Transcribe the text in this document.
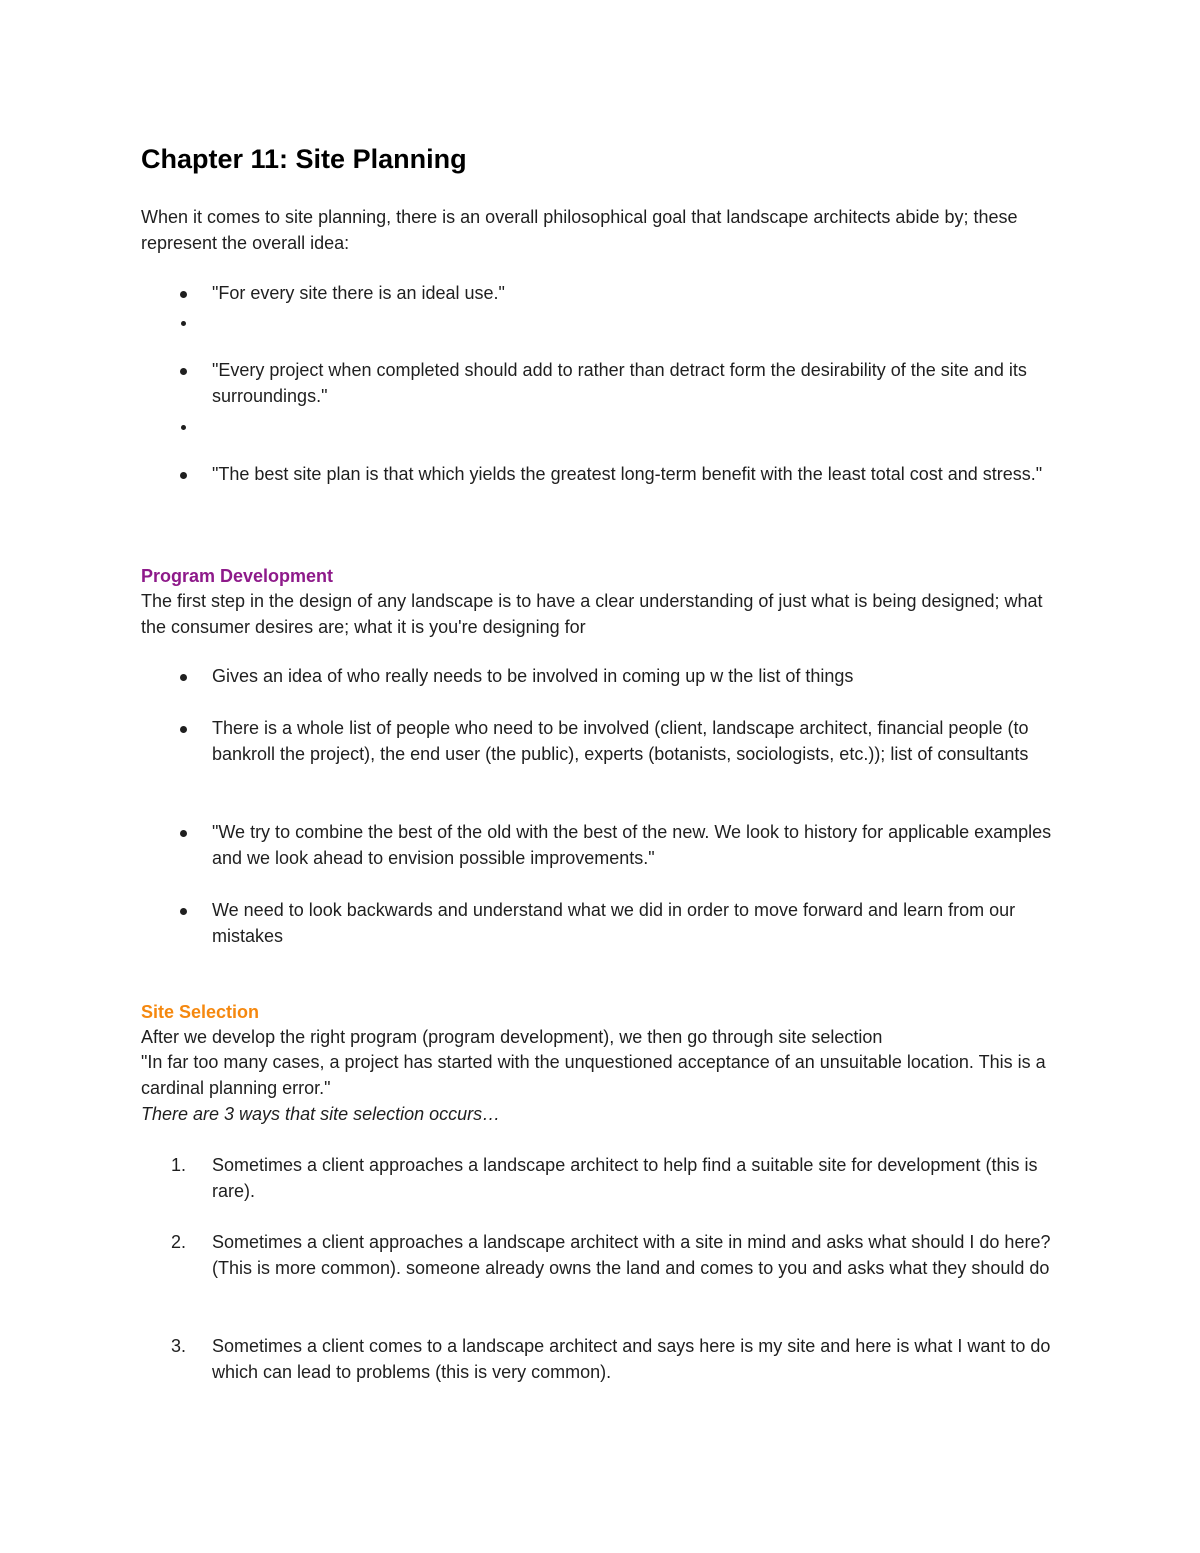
Chapter 11: Site Planning

When it comes to site planning, there is an overall philosophical goal that landscape architects abide by; these represent the overall idea:

"For every site there is an ideal use."
"Every project when completed should add to rather than detract form the desirability of the site and its surroundings."
"The best site plan is that which yields the greatest long-term benefit with the least total cost and stress."
Program Development

The first step in the design of any landscape is to have a clear understanding of just what is being designed; what the consumer desires are; what it is you're designing for

Gives an idea of who really needs to be involved in coming up w the list of things
There is a whole list of people who need to be involved (client, landscape architect, financial people (to bankroll the project), the end user (the public), experts (botanists, sociologists, etc.)); list of consultants
"We try to combine the best of the old with the best of the new. We look to history for applicable examples and we look ahead to envision possible improvements."
We need to look backwards and understand what we did in order to move forward and learn from our mistakes
Site Selection

After we develop the right program (program development), we then go through site selection

"In far too many cases, a project has started with the unquestioned acceptance of an unsuitable location. This is a cardinal planning error."

There are 3 ways that site selection occurs…

1.	Sometimes a client approaches a landscape architect to help find a suitable site for development (this is rare).
2.	Sometimes a client approaches a landscape architect with a site in mind and asks what should I do here? (This is more common). someone already owns the land and comes to you and asks what they should do
3.	Sometimes a client comes to a landscape architect and says here is my site and here is what I want to do which can lead to problems (this is very common).
